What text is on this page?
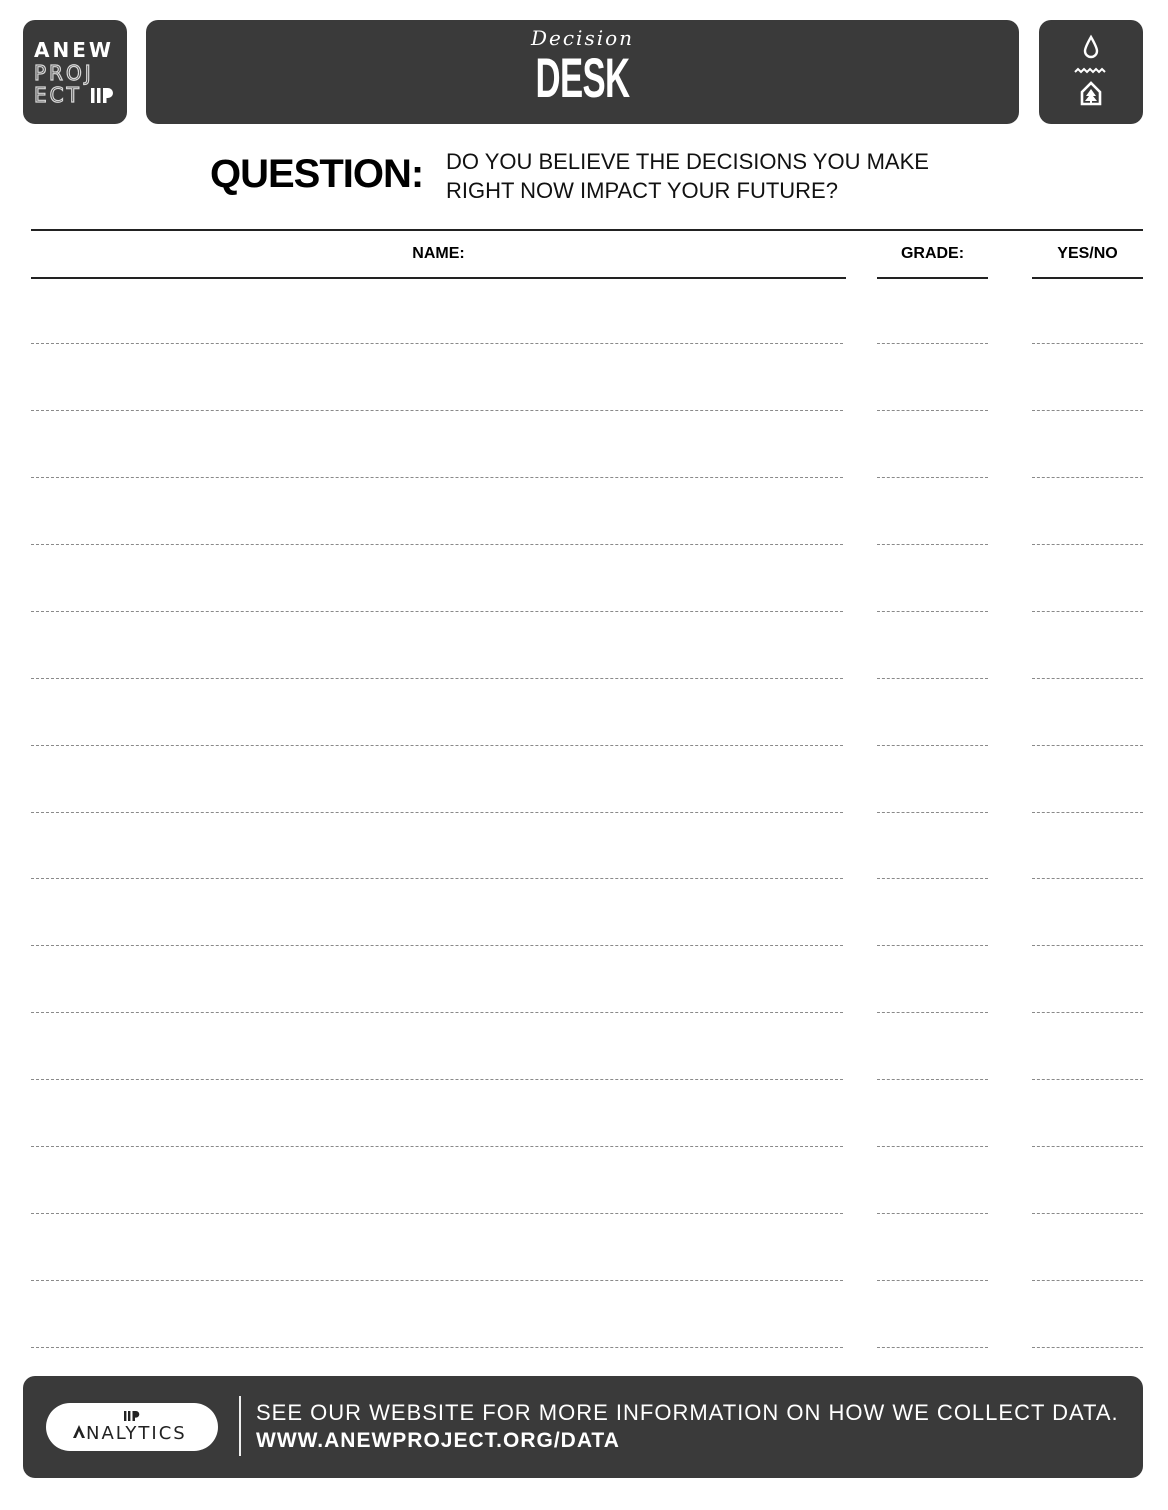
ANEW
PROJ
ECT
Decision
DESK
QUESTION: DO YOU BELIEVE THE DECISIONS YOU MAKE
RIGHT NOW IMPACT YOUR FUTURE?
NAME:	GRADE:	YES/NO
NALYTICS
SEE OUR WEBSITE FOR MORE INFORMATION ON HOW WE COLLECT DATA.
WWW.ANEWPROJECT.ORG/DATA
